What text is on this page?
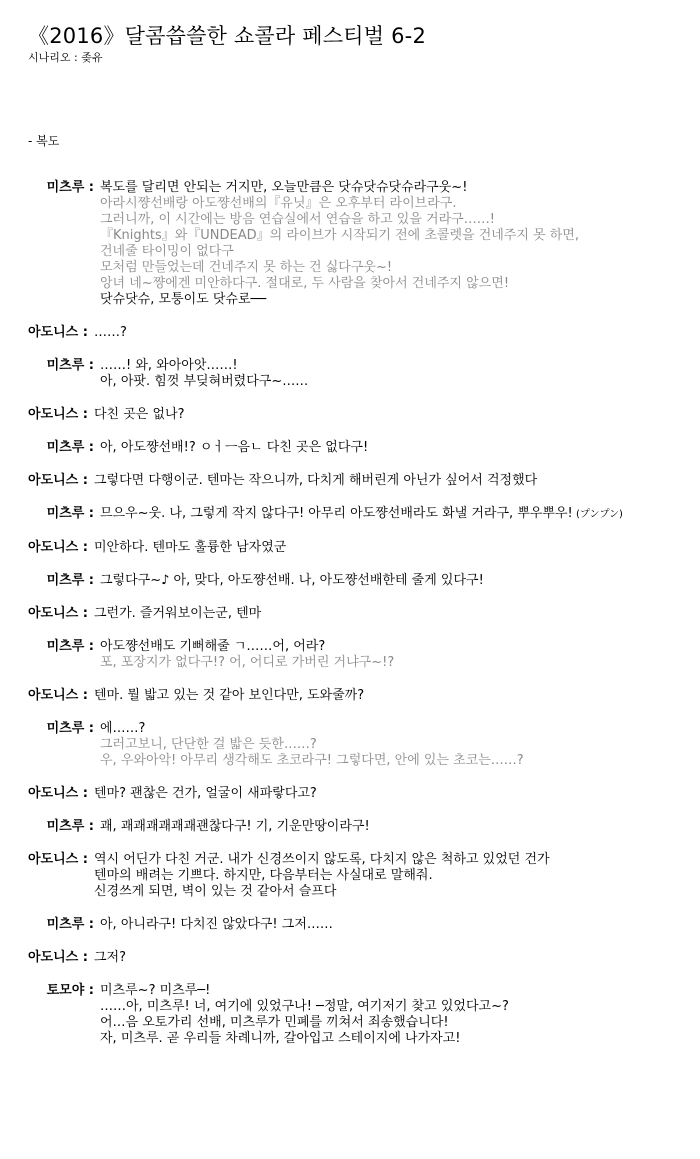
《2016》달콤씁쓸한 쇼콜라 페스티벌 6-2
시나리오 : 좆유
- 복도
미츠루 : 복도를 달리면 안되는 거지만, 오늘만큼은 닷슈닷슈닷슈라구웃~!
아라시쨩선배랑 아도쨩선배의『유닛』은 오후부터 라이브라구.
그러니까, 이 시간에는 방음 연습실에서 연습을 하고 있을 거라구……!
『Knights』와『UNDEAD』의 라이브가 시작되기 전에 초콜렛을 건네주지 못 하면,
건네줄 타이밍이 없다구
모처럼 만들었는데 건네주지 못 하는 건 싫다구웃~!
앙녀 네~쨩에겐 미안하다구. 절대로, 두 사람을 찾아서 건네주지 않으면!
닷슈닷슈, 모퉁이도 닷슈로──
아도니스 : ……?
미츠루 : ……! 와, 와아아앗……!
아, 아팟. 힘껏 부딪혀버렸다구~……
아도니스 : 다친 곳은 없나?
미츠루 : 아, 아도쨩선배!? ㅇㅓㅡ음ㄴ 다친 곳은 없다구!
아도니스 : 그렇다면 다행이군. 텐마는 작으니까, 다치게 해버린게 아닌가 싶어서 걱정했다
미츠루 : 므으우~웃. 나, 그렇게 작지 않다구! 아무리 아도쨩선배라도 화낼 거라구, 뿌우뿌우! (プンプン)
아도니스 : 미안하다. 텐마도 훌륭한 남자였군
미츠루 : 그렇다구~♪ 아, 맞다, 아도쨩선배. 나, 아도쨩선배한테 줄게 있다구!
아도니스 : 그런가. 즐거워보이는군, 텐마
미츠루 : 아도쨩선배도 기뻐해줄 ㄱ……어, 어라?
포, 포장지가 없다구!? 어, 어디로 가버린 거냐구~!?
아도니스 : 텐마. 뭘 밟고 있는 것 같아 보인다만, 도와줄까?
미츠루 : 에……?
그러고보니, 단단한 걸 밟은 듯한……?
우, 우와아악! 아무리 생각해도 초코라구! 그렇다면, 안에 있는 초코는……?
아도니스 : 텐마? 괜찮은 건가, 얼굴이 새파랗다고?
미츠루 : 괘, 괘괘괘괘괘괘괜찮다구! 기, 기운만땅이라구!
아도니스 : 역시 어딘가 다친 거군. 내가 신경쓰이지 않도록, 다치지 않은 척하고 있었던 건가
텐마의 배려는 기쁘다. 하지만, 다음부터는 사실대로 말해줘.
신경쓰게 되면, 벽이 있는 것 같아서 슬프다
미츠루 : 아, 아니라구! 다치진 않았다구! 그저……
아도니스 : 그저?
토모야 : 미츠루~? 미츠루─!
……아, 미츠루! 너, 여기에 있었구나! ─정말, 여기저기 찾고 있었다고~?
어…음 오토가리 선배, 미츠루가 민폐를 끼쳐서 죄송했습니다!
자, 미츠루. 곧 우리들 차례니까, 갈아입고 스테이지에 나가자고!
